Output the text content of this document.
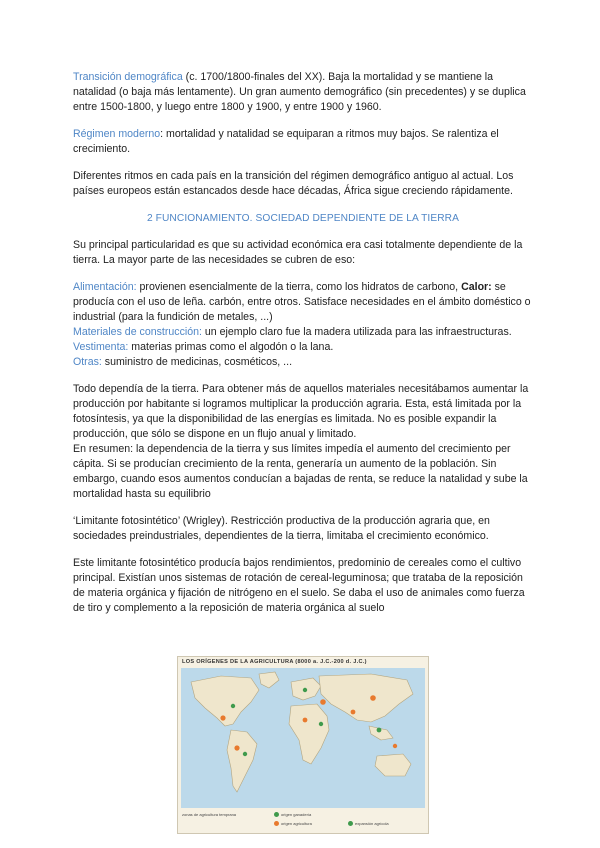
Transición demográfica (c. 1700/1800-finales del XX). Baja la mortalidad y se mantiene la natalidad (o baja más lentamente). Un gran aumento demográfico (sin precedentes) y se duplica entre 1500-1800, y luego entre 1800 y 1900, y entre 1900 y 1960.

Régimen moderno: mortalidad y natalidad se equiparan a ritmos muy bajos. Se ralentiza el crecimiento.

Diferentes ritmos en cada país en la transición del régimen demográfico antiguo al actual. Los países europeos están estancados desde hace décadas, África sigue creciendo rápidamente.

2 FUNCIONAMIENTO. SOCIEDAD DEPENDIENTE DE LA TIERRA

Su principal particularidad es que su actividad económica era casi totalmente dependiente de la tierra. La mayor parte de las necesidades se cubren de eso:

Alimentación: provienen esencialmente de la tierra, como los hidratos de carbono, Calor: se producía con el uso de leña. carbón, entre otros. Satisface necesidades en el ámbito doméstico o industrial (para la fundición de metales, ...)
Materiales de construcción: un ejemplo claro fue la madera utilizada para las infraestructuras.
Vestimenta: materias primas como el algodón o la lana.
Otras: suministro de medicinas, cosméticos, ...

Todo dependía de la tierra. Para obtener más de aquellos materiales necesitábamos aumentar la producción por habitante si logramos multiplicar la producción agraria. Esta, está limitada por la fotosíntesis, ya que la disponibilidad de las energías es limitada. No es posible expandir la producción, que sólo se dispone en un flujo anual y limitado.
En resumen: la dependencia de la tierra y sus límites impedía el aumento del crecimiento per cápita. Si se producían crecimiento de la renta, generaría un aumento de la población. Sin embargo, cuando esos aumentos conducían a bajadas de renta, se reduce la natalidad y sube la mortalidad hasta su equilibrio

‘Limitante fotosintético’ (Wrigley). Restricción productiva de la producción agraria que, en sociedades preindustriales, dependientes de la tierra, limitaba el crecimiento económico.

Este limitante fotosintético producía bajos rendimientos, predominio de cereales como el cultivo principal. Existían unos sistemas de rotación de cereal-leguminosa; que trataba de la reposición de materia orgánica y fijación de nitrógeno en el suelo. Se daba el uso de animales como fuerza de tiro y complemento a la reposición de materia orgánica al suelo

LOS ORÍGENES DE LA AGRICULTURA (8000 a. J.C.-200 d. J.C.)
zonas de agricultura temprana	origen ganadería
origen agricultura	expansión agrícola
